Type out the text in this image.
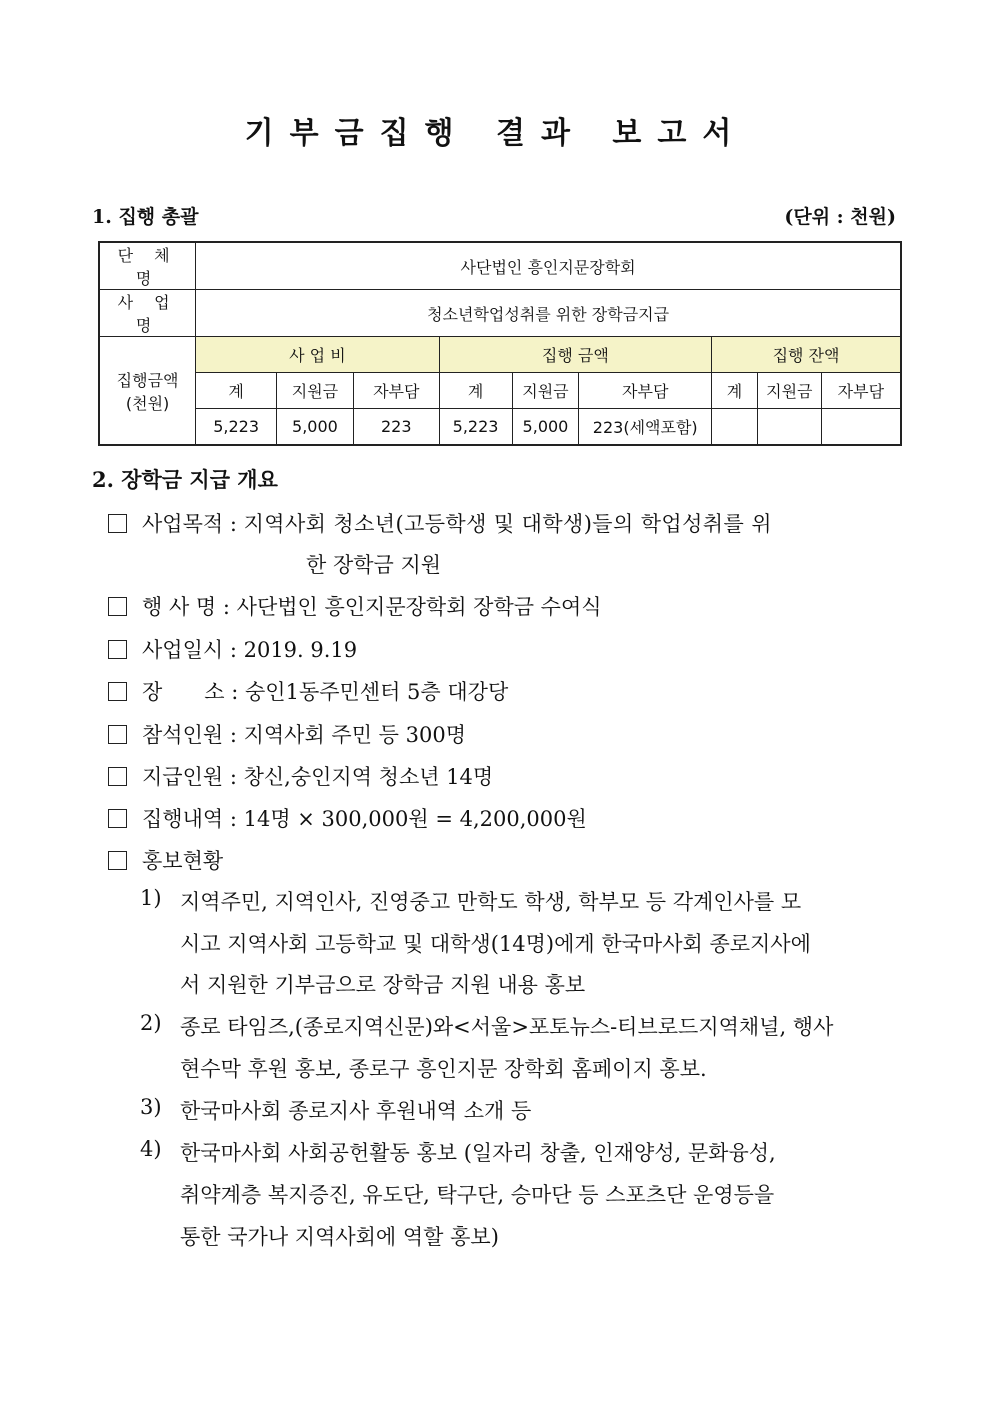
기부금집행 결과 보고서
1. 집행 총괄	(단위 : 천원)
단 체 명	사단법인 흥인지문장학회								
사 업 명	청소년학업성취를 위한 장학금지급								

집행금액
(천원)	사 업 비			집행 금액			집행 잔액		
	계	지원금	자부담	계	지원금	자부담	계	지원금	자부담
	5,223	5,000	223	5,223	5,000	223(세액포함)			
2. 장학금 지급 개요
사업목적 : 지역사회 청소년(고등학생 및 대학생)들의 학업성취를 위
한 장학금 지원
행 사 명 : 사단법인 흥인지문장학회 장학금 수여식
사업일시 : 2019. 9.19
장　　소 : 숭인1동주민센터 5층 대강당
참석인원 : 지역사회 주민 등 300명
지급인원 : 창신,숭인지역 청소년 14명
집행내역 : 14명 × 300,000원 = 4,200,000원
홍보현황
1) 지역주민, 지역인사, 진영중고 만학도 학생, 학부모 등 각계인사를 모
시고 지역사회 고등학교 및 대학생(14명)에게 한국마사회 종로지사에
서 지원한 기부금으로 장학금 지원 내용 홍보
2) 종로 타임즈,(종로지역신문)와<서울>포토뉴스-티브로드지역채널, 행사
현수막 후원 홍보, 종로구 흥인지문 장학회 홈페이지 홍보.
3) 한국마사회 종로지사 후원내역 소개 등
4) 한국마사회 사회공헌활동 홍보 (일자리 창출, 인재양성, 문화융성,
취약계층 복지증진, 유도단, 탁구단, 승마단 등 스포츠단 운영등을
통한 국가나 지역사회에 역할 홍보)
